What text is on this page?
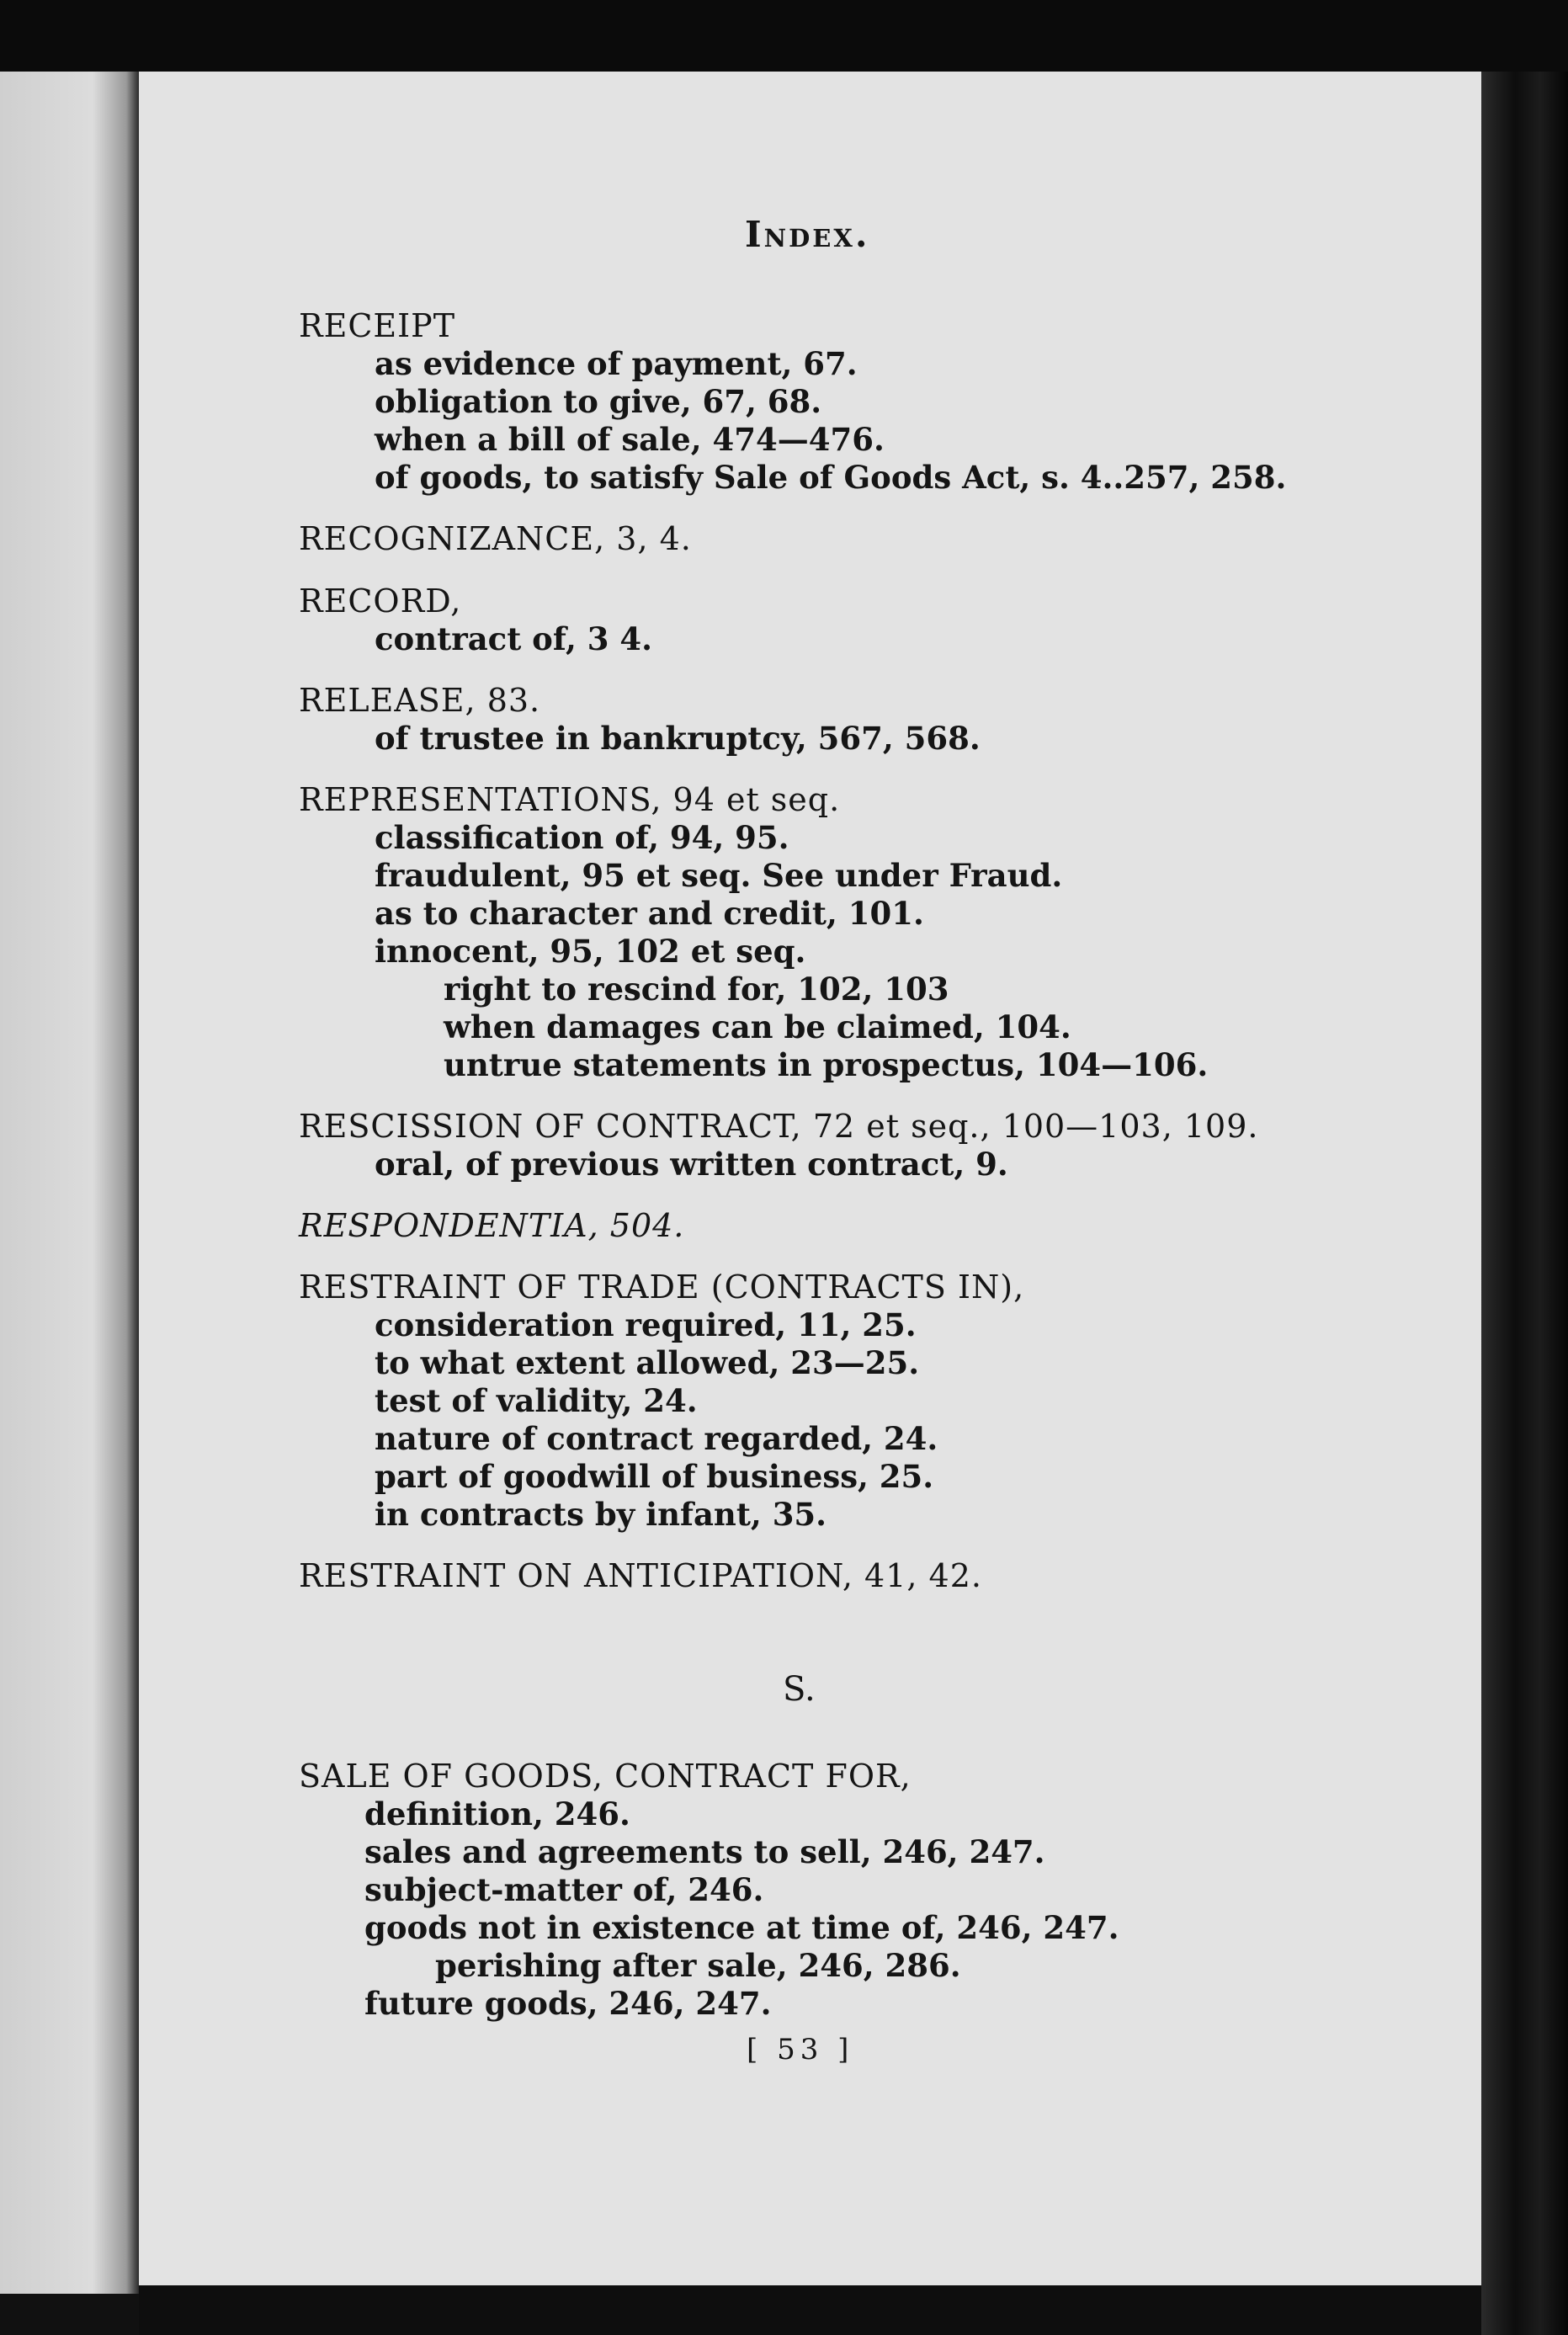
Index.
RECEIPT
as evidence of payment, 67.
obligation to give, 67, 68.
when a bill of sale, 474—476.
of goods, to satisfy Sale of Goods Act, s. 4..257, 258.
RECOGNIZANCE, 3, 4.
RECORD,
contract of, 3 4.
RELEASE, 83.
of trustee in bankruptcy, 567, 568.
REPRESENTATIONS, 94 et seq.
classification of, 94, 95.
fraudulent, 95 et seq. See under Fraud.
as to character and credit, 101.
innocent, 95, 102 et seq.
right to rescind for, 102, 103
when damages can be claimed, 104.
untrue statements in prospectus, 104—106.
RESCISSION OF CONTRACT, 72 et seq., 100—103, 109.
oral, of previous written contract, 9.
RESPONDENTIA, 504.
RESTRAINT OF TRADE (CONTRACTS IN),
consideration required, 11, 25.
to what extent allowed, 23—25.
test of validity, 24.
nature of contract regarded, 24.
part of goodwill of business, 25.
in contracts by infant, 35.
RESTRAINT ON ANTICIPATION, 41, 42.
S.
SALE OF GOODS, CONTRACT FOR,
definition, 246.
sales and agreements to sell, 246, 247.
subject-matter of, 246.
goods not in existence at time of, 246, 247.
perishing after sale, 246, 286.
future goods, 246, 247.
[ 53 ]
